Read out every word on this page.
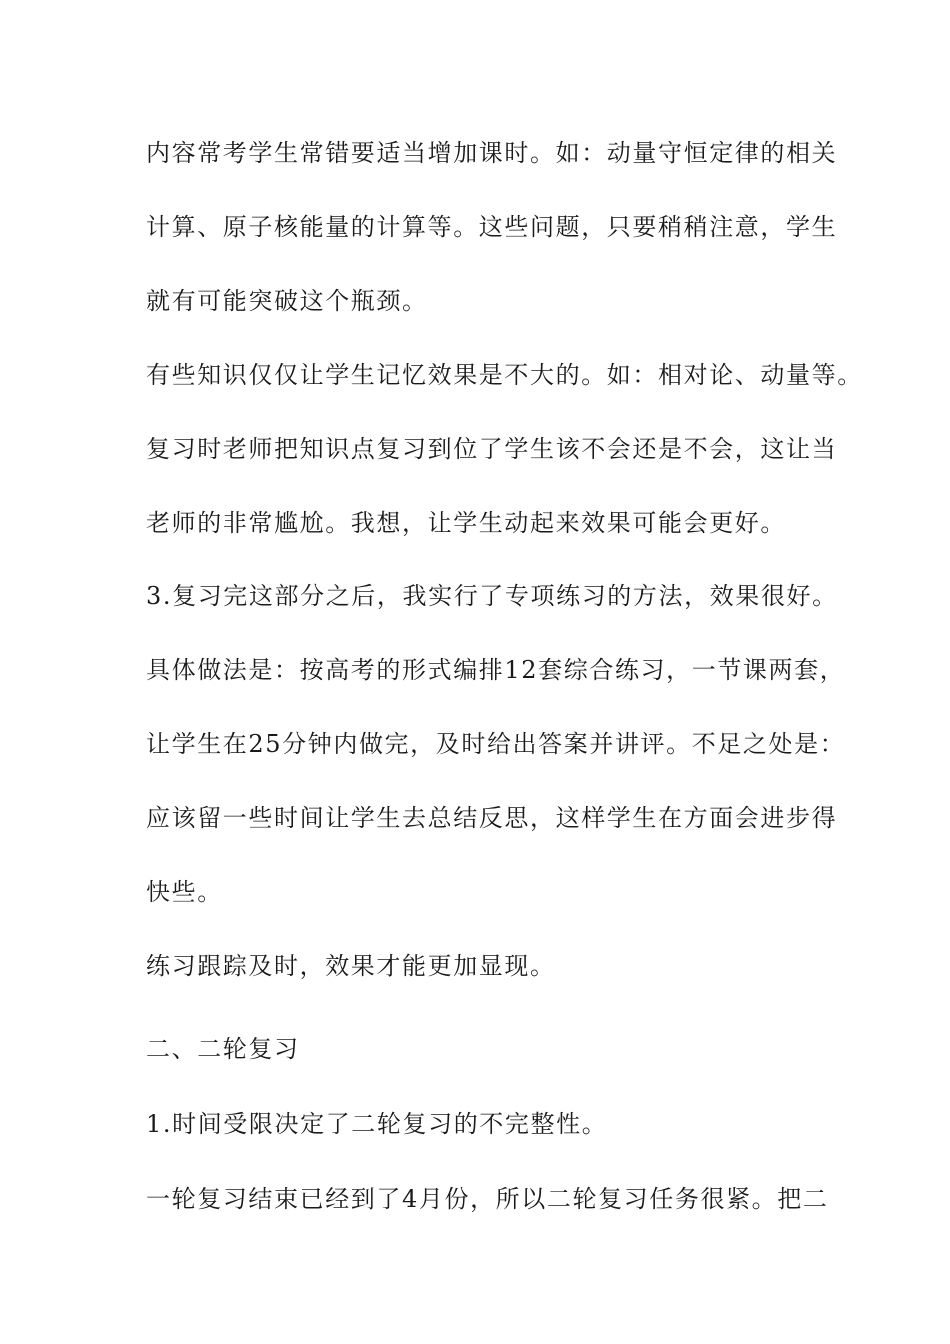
内容常考学生常错要适当增加课时。如：动量守恒定律的相关

计算、原子核能量的计算等。这些问题，只要稍稍注意，学生

就有可能突破这个瓶颈。

有些知识仅仅让学生记忆效果是不大的。如：相对论、动量等。

复习时老师把知识点复习到位了学生该不会还是不会，这让当

老师的非常尴尬。我想，让学生动起来效果可能会更好。

3.复习完这部分之后，我实行了专项练习的方法，效果很好。

具体做法是：按高考的形式编排12套综合练习，一节课两套，

让学生在25分钟内做完，及时给出答案并讲评。不足之处是：

应该留一些时间让学生去总结反思，这样学生在方面会进步得

快些。

练习跟踪及时，效果才能更加显现。

二、二轮复习

1.时间受限决定了二轮复习的不完整性。

一轮复习结束已经到了4月份，所以二轮复习任务很紧。把二
